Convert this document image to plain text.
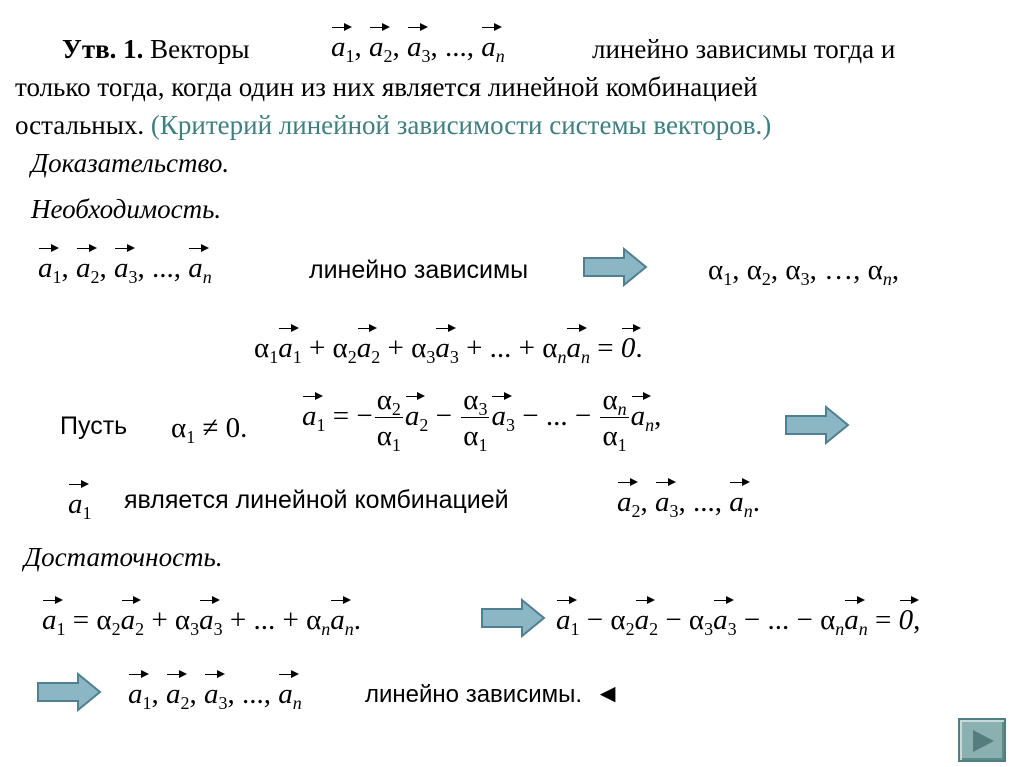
Утв. 1. Векторы	$a_1$, $a_2$, $a_3$, ..., $a_n$	линейно зависимы тогда и
только тогда, когда один из них является линейной комбинацией
остальных. (Критерий линейной зависимости системы векторов.)
Доказательство.
Необходимость.
$a_1$, $a_2$, $a_3$, ..., $a_n$	линейно зависимы	$\alpha_1$, $\alpha_2$, $\alpha_3$, …, $\alpha_n$,
$\alpha_1a_1 + \alpha_2a_2 + \alpha_3a_3$ + ... + $\alpha_na_n = 0$.
Пусть $\alpha_1 \ne 0$. $a_1$ = − $\frac{\alpha_2}{\alpha_1} a_2 - \frac{\alpha_3}{\alpha_1} a_3$ − ... − $\frac{\alpha_n}{\alpha_1} a_n$,
$a_1$ является линейной комбинацией	$a_2$, $a_3$, ..., $a_n$.
Достаточность.
$a_1 = \alpha_2a_2 + \alpha_3a_3$ + ... + $\alpha_na_n$.	$a_1 - \alpha_2a_2 - \alpha_3a_3$ − ... − $\alpha_na_n = 0$,
$a_1$, $a_2$, $a_3$, ..., $a_n$	линейно зависимы. ◄
